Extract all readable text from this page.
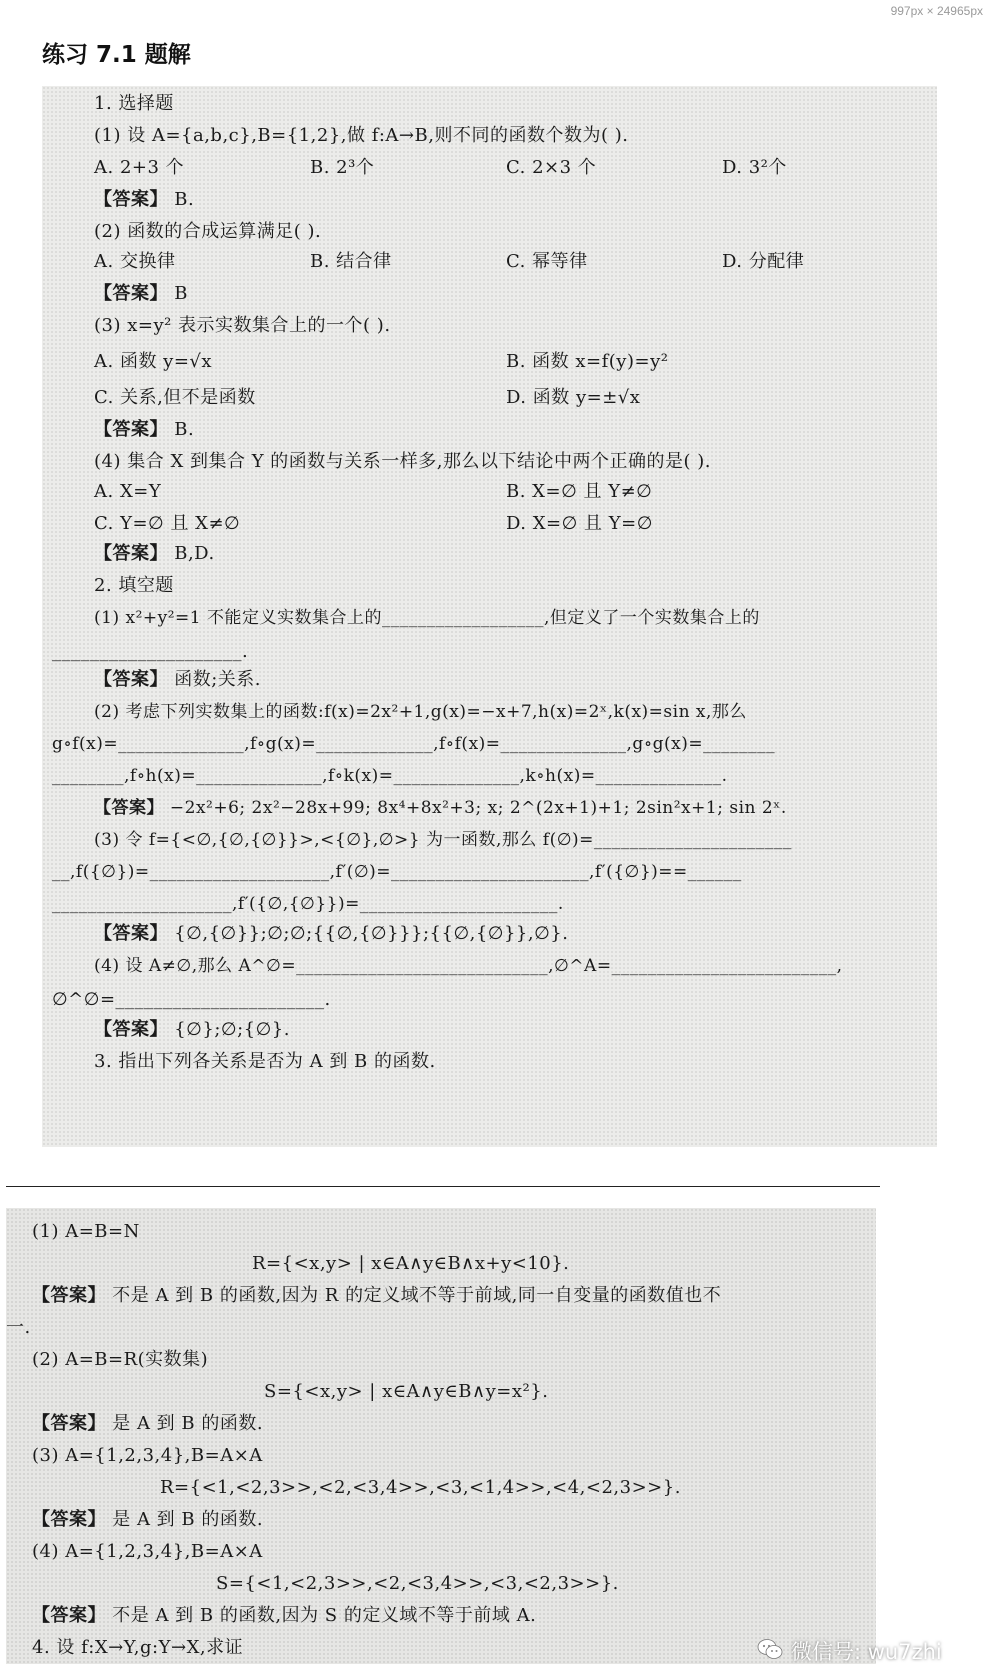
997px × 24965px
练习 7.1 题解
1. 选择题
(1) 设 A={a,b,c},B={1,2},做 f:A→B,则不同的函数个数为( ).
A. 2+3 个	B. 2³个	C. 2×3 个	D. 3²个
【答案】 B.
(2) 函数的合成运算满足( ).
A. 交换律	B. 结合律	C. 幂等律	D. 分配律
【答案】 B
(3) x=y² 表示实数集合上的一个( ).
A. 函数 y=√x	B. 函数 x=f(y)=y²
C. 关系,但不是函数	D. 函数 y=±√x
【答案】 B.
(4) 集合 X 到集合 Y 的函数与关系一样多,那么以下结论中两个正确的是( ).
A. X=Y	B. X=∅ 且 Y≠∅
C. Y=∅ 且 X≠∅	D. X=∅ 且 Y=∅
【答案】 B,D.
2. 填空题
(1) x²+y²=1 不能定义实数集合上的__________________,但定义了一个实数集合上的
____________________.
【答案】 函数;关系.
(2) 考虑下列实数集上的函数:f(x)=2x²+1,g(x)=−x+7,h(x)=2ˣ,k(x)=sin x,那么
g∘f(x)=______________,f∘g(x)=_____________,f∘f(x)=______________,g∘g(x)=________
________,f∘h(x)=______________,f∘k(x)=______________,k∘h(x)=______________.
【答案】 −2x²+6; 2x²−28x+99; 8x⁴+8x²+3; x; 2^(2x+1)+1; 2sin²x+1; sin 2ˣ.
(3) 令 f={<∅,{∅,{∅}}>,<{∅},∅>} 为一函数,那么 f(∅)=______________________
__,f({∅})=____________________,f′(∅)=______________________,f′({∅})==______
____________________,f′({∅,{∅}})=______________________.
【答案】 {∅,{∅}};∅;∅;{{∅,{∅}}};{{∅,{∅}},∅}.
(4) 设 A≠∅,那么 A^∅=____________________________,∅^A=_________________________,
∅^∅=______________________.
【答案】 {∅};∅;{∅}.
3. 指出下列各关系是否为 A 到 B 的函数.
(1) A=B=N
R={<x,y> | x∈A∧y∈B∧x+y<10}.
【答案】 不是 A 到 B 的函数,因为 R 的定义域不等于前域,同一自变量的函数值也不
一.
(2) A=B=R(实数集)
S={<x,y> | x∈A∧y∈B∧y=x²}.
【答案】 是 A 到 B 的函数.
(3) A={1,2,3,4},B=A×A
R={<1,<2,3>>,<2,<3,4>>,<3,<1,4>>,<4,<2,3>>}.
【答案】 是 A 到 B 的函数.
(4) A={1,2,3,4},B=A×A
S={<1,<2,3>>,<2,<3,4>>,<3,<2,3>>}.
【答案】 不是 A 到 B 的函数,因为 S 的定义域不等于前域 A.
4. 设 f:X→Y,g:Y→X,求证	微信号: wu7zhi
